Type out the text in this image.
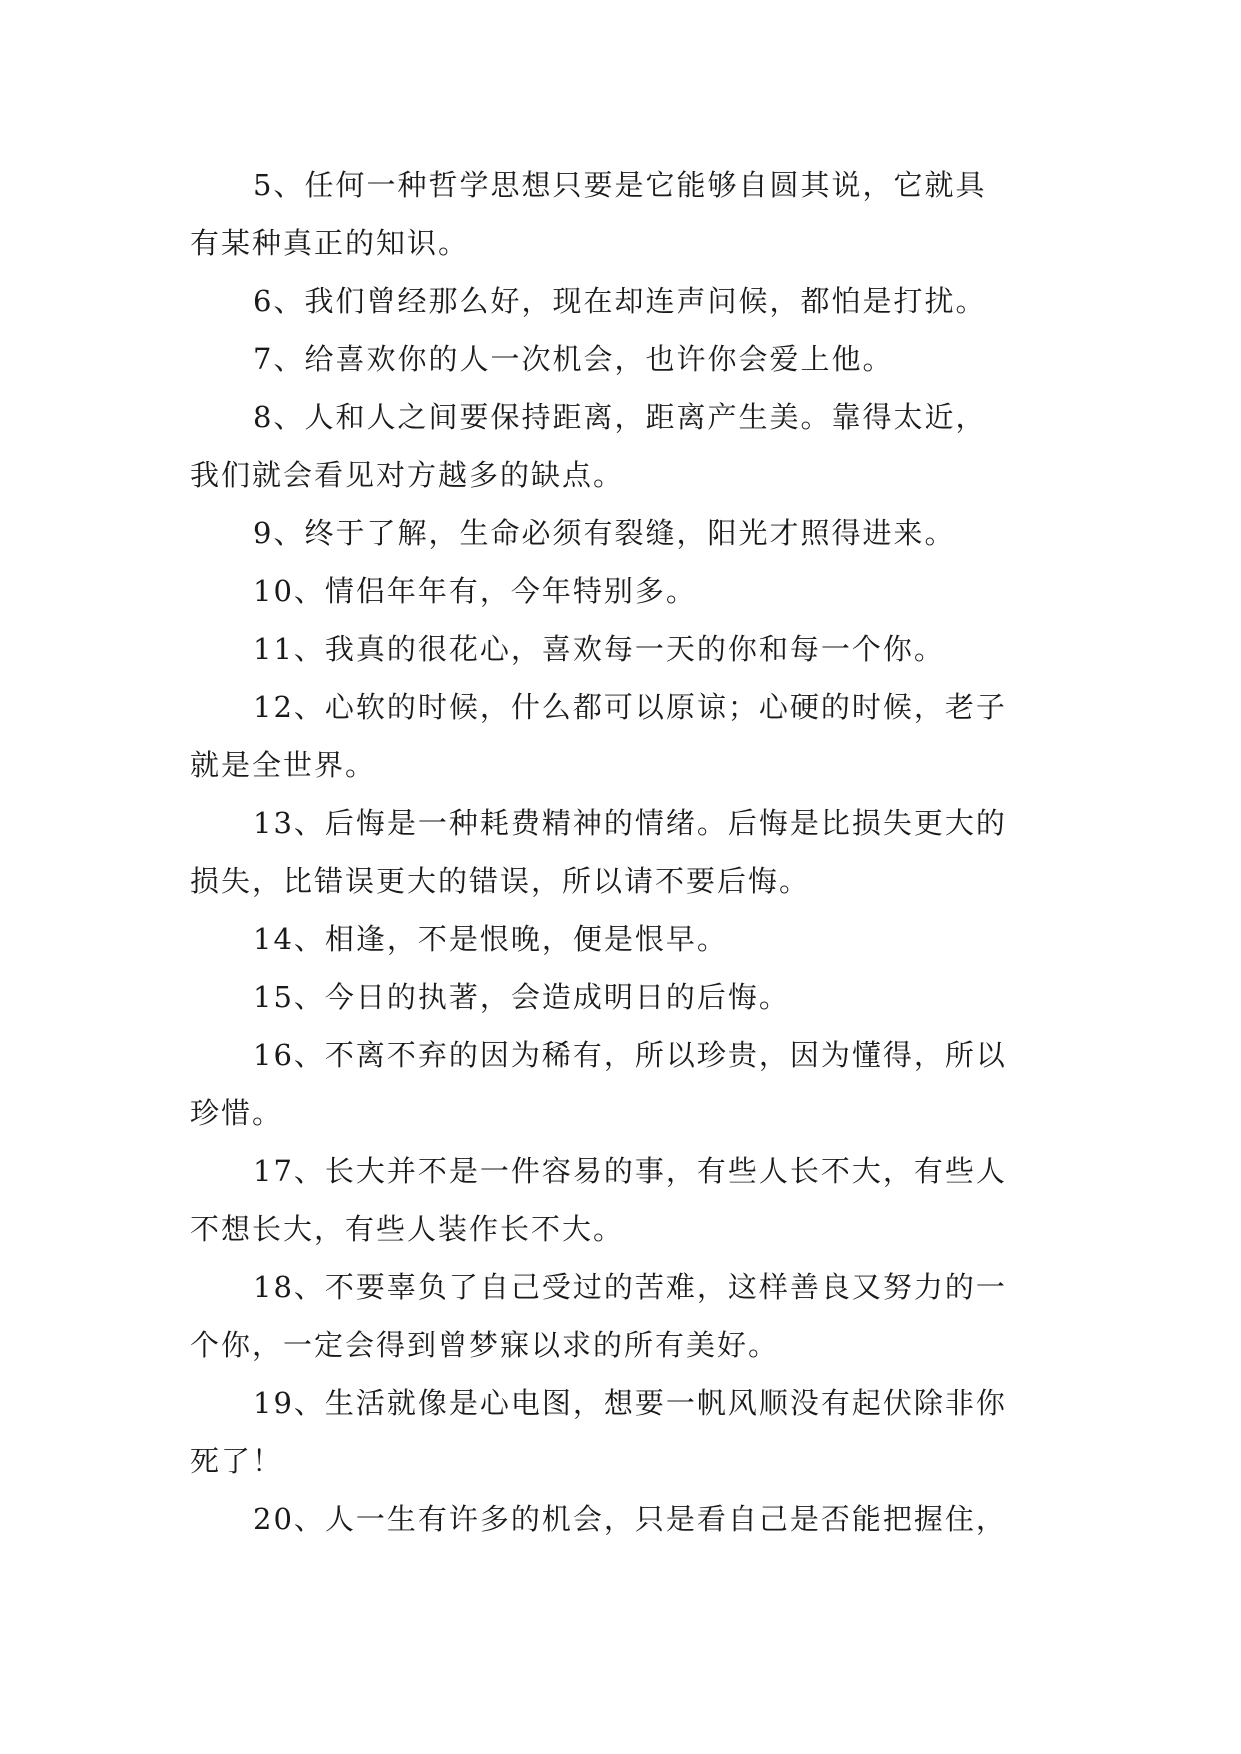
5、任何一种哲学思想只要是它能够自圆其说，它就具
有某种真正的知识。

6、我们曾经那么好，现在却连声问候，都怕是打扰。

7、给喜欢你的人一次机会，也许你会爱上他。

8、人和人之间要保持距离，距离产生美。靠得太近，
我们就会看见对方越多的缺点。

9、终于了解，生命必须有裂缝，阳光才照得进来。

10、情侣年年有，今年特别多。

11、我真的很花心，喜欢每一天的你和每一个你。

12、心软的时候，什么都可以原谅；心硬的时候，老子
就是全世界。

13、后悔是一种耗费精神的情绪。后悔是比损失更大的
损失，比错误更大的错误，所以请不要后悔。

14、相逢，不是恨晚，便是恨早。

15、今日的执著，会造成明日的后悔。

16、不离不弃的因为稀有，所以珍贵，因为懂得，所以
珍惜。

17、长大并不是一件容易的事，有些人长不大，有些人
不想长大，有些人装作长不大。

18、不要辜负了自己受过的苦难，这样善良又努力的一
个你，一定会得到曾梦寐以求的所有美好。

19、生活就像是心电图，想要一帆风顺没有起伏除非你
死了！

20、人一生有许多的机会，只是看自己是否能把握住，
